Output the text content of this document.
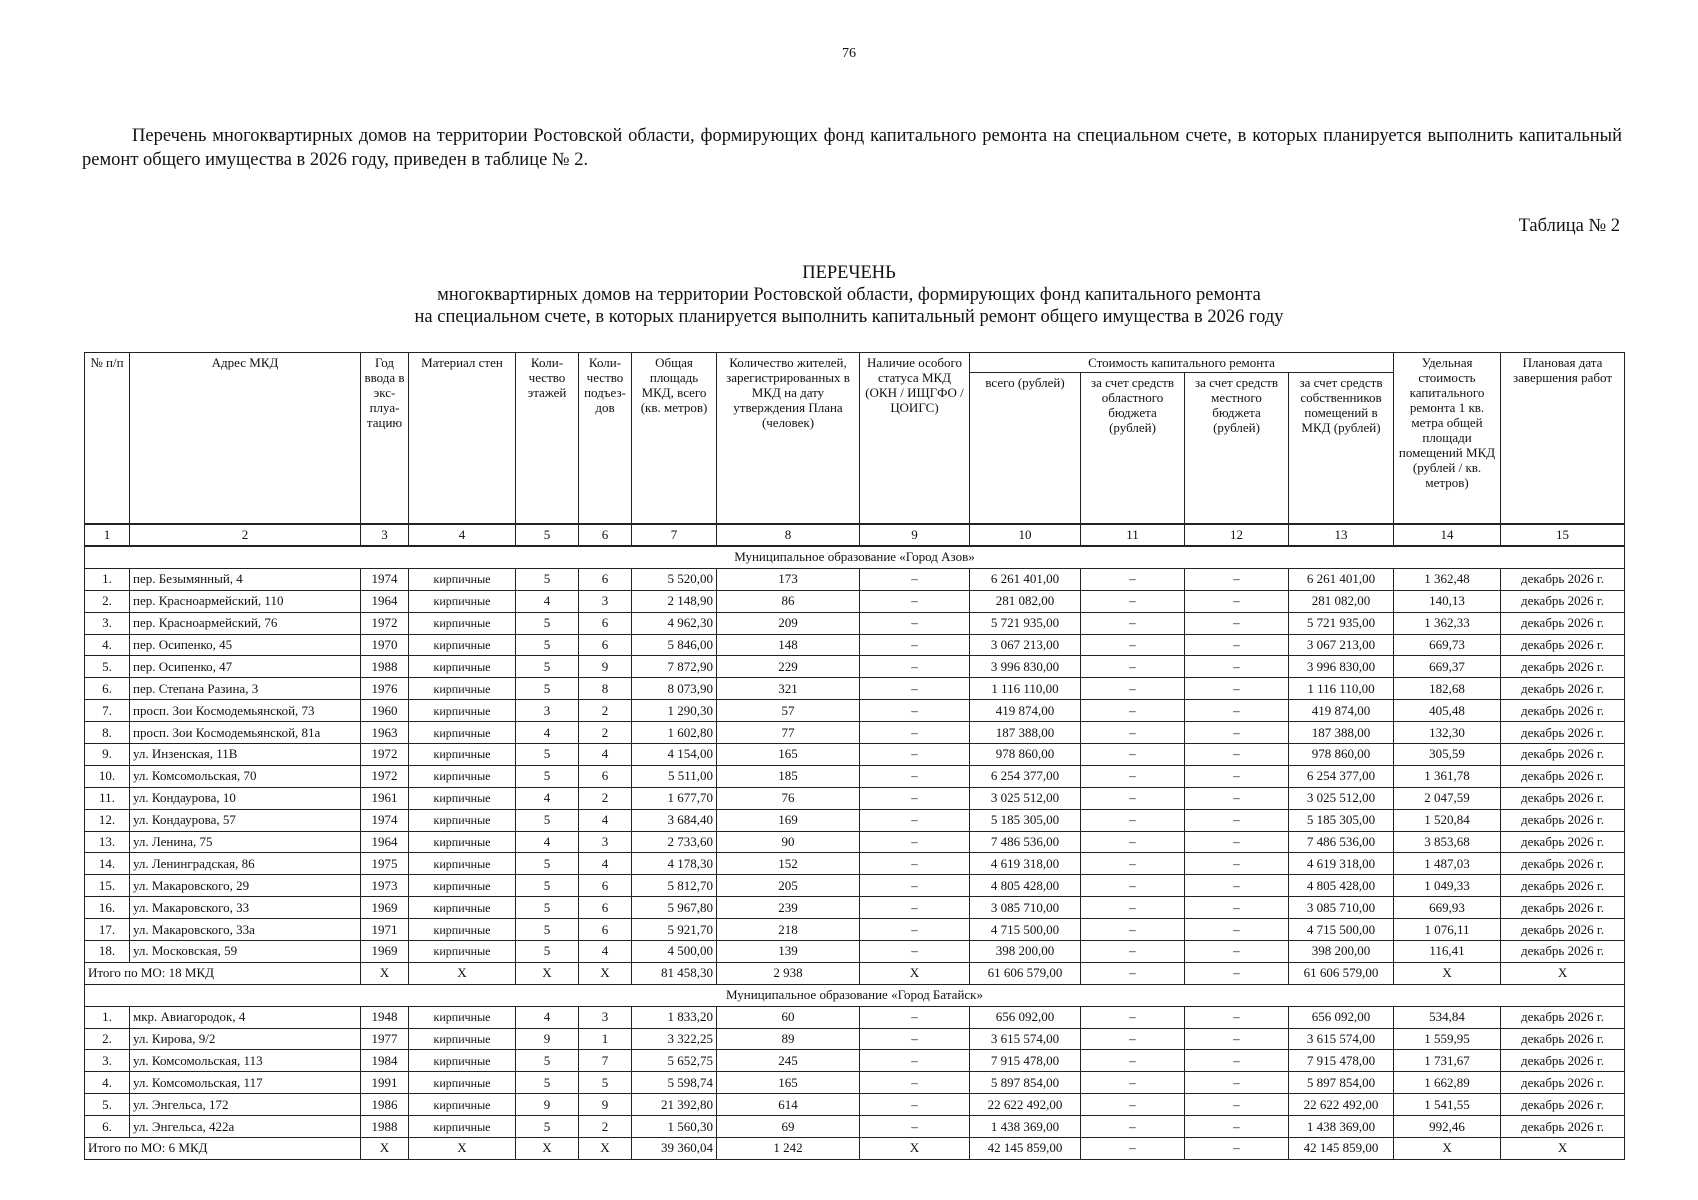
76
Перечень многоквартирных домов на территории Ростовской области, формирующих фонд капитального ремонта на специальном счете, в которых планируется выполнить капитальный ремонт общего имущества в 2026 году, приведен в таблице № 2.
Таблица № 2
ПЕРЕЧЕНЬ
многоквартирных домов на территории Ростовской области, формирующих фонд капитального ремонта
на специальном счете, в которых планируется выполнить капитальный ремонт общего имущества в 2026 году
№ п/п	Адрес МКД	Год ввода в экс-плуа-тацию	Материал стен	Коли-чество этажей	Коли-чество подъез-дов	Общая площадь МКД, всего (кв. метров)	Количество жителей, зарегистрированных в МКД на дату утверждения Плана (человек)	Наличие особого статуса МКД (ОКН / ИЩГФО / ЦОИГС)	Стоимость капитального ремонта				Удельная стоимость капитального ремонта 1 кв. метра общей площади помещений МКД (рублей / кв. метров)	Плановая дата завершения работ
									всего (рублей)	за счет средств областного бюджета (рублей)	за счет средств местного бюджета (рублей)	за счет средств собственников помещений в МКД (рублей)		
1	2	3	4	5	6	7	8	9	10	11	12	13	14	15
Муниципальное образование «Город Азов»														
1.	пер. Безымянный, 4	1974	кирпичные	5	6	5 520,00	173	–	6 261 401,00	–	–	6 261 401,00	1 362,48	декабрь 2026 г.
2.	пер. Красноармейский, 110	1964	кирпичные	4	3	2 148,90	86	–	281 082,00	–	–	281 082,00	140,13	декабрь 2026 г.
3.	пер. Красноармейский, 76	1972	кирпичные	5	6	4 962,30	209	–	5 721 935,00	–	–	5 721 935,00	1 362,33	декабрь 2026 г.
4.	пер. Осипенко, 45	1970	кирпичные	5	6	5 846,00	148	–	3 067 213,00	–	–	3 067 213,00	669,73	декабрь 2026 г.
5.	пер. Осипенко, 47	1988	кирпичные	5	9	7 872,90	229	–	3 996 830,00	–	–	3 996 830,00	669,37	декабрь 2026 г.
6.	пер. Степана Разина, 3	1976	кирпичные	5	8	8 073,90	321	–	1 116 110,00	–	–	1 116 110,00	182,68	декабрь 2026 г.
7.	просп. Зои Космодемьянской, 73	1960	кирпичные	3	2	1 290,30	57	–	419 874,00	–	–	419 874,00	405,48	декабрь 2026 г.
8.	просп. Зои Космодемьянской, 81а	1963	кирпичные	4	2	1 602,80	77	–	187 388,00	–	–	187 388,00	132,30	декабрь 2026 г.
9.	ул. Инзенская, 11В	1972	кирпичные	5	4	4 154,00	165	–	978 860,00	–	–	978 860,00	305,59	декабрь 2026 г.
10.	ул. Комсомольская, 70	1972	кирпичные	5	6	5 511,00	185	–	6 254 377,00	–	–	6 254 377,00	1 361,78	декабрь 2026 г.
11.	ул. Кондаурова, 10	1961	кирпичные	4	2	1 677,70	76	–	3 025 512,00	–	–	3 025 512,00	2 047,59	декабрь 2026 г.
12.	ул. Кондаурова, 57	1974	кирпичные	5	4	3 684,40	169	–	5 185 305,00	–	–	5 185 305,00	1 520,84	декабрь 2026 г.
13.	ул. Ленина, 75	1964	кирпичные	4	3	2 733,60	90	–	7 486 536,00	–	–	7 486 536,00	3 853,68	декабрь 2026 г.
14.	ул. Ленинградская, 86	1975	кирпичные	5	4	4 178,30	152	–	4 619 318,00	–	–	4 619 318,00	1 487,03	декабрь 2026 г.
15.	ул. Макаровского, 29	1973	кирпичные	5	6	5 812,70	205	–	4 805 428,00	–	–	4 805 428,00	1 049,33	декабрь 2026 г.
16.	ул. Макаровского, 33	1969	кирпичные	5	6	5 967,80	239	–	3 085 710,00	–	–	3 085 710,00	669,93	декабрь 2026 г.
17.	ул. Макаровского, 33а	1971	кирпичные	5	6	5 921,70	218	–	4 715 500,00	–	–	4 715 500,00	1 076,11	декабрь 2026 г.
18.	ул. Московская, 59	1969	кирпичные	5	4	4 500,00	139	–	398 200,00	–	–	398 200,00	116,41	декабрь 2026 г.
Итого по МО: 18 МКД		X	X	X	X	81 458,30	2 938	X	61 606 579,00	–	–	61 606 579,00	X	X
Муниципальное образование «Город Батайск»														
1.	мкр. Авиагородок, 4	1948	кирпичные	4	3	1 833,20	60	–	656 092,00	–	–	656 092,00	534,84	декабрь 2026 г.
2.	ул. Кирова, 9/2	1977	кирпичные	9	1	3 322,25	89	–	3 615 574,00	–	–	3 615 574,00	1 559,95	декабрь 2026 г.
3.	ул. Комсомольская, 113	1984	кирпичные	5	7	5 652,75	245	–	7 915 478,00	–	–	7 915 478,00	1 731,67	декабрь 2026 г.
4.	ул. Комсомольская, 117	1991	кирпичные	5	5	5 598,74	165	–	5 897 854,00	–	–	5 897 854,00	1 662,89	декабрь 2026 г.
5.	ул. Энгельса, 172	1986	кирпичные	9	9	21 392,80	614	–	22 622 492,00	–	–	22 622 492,00	1 541,55	декабрь 2026 г.
6.	ул. Энгельса, 422а	1988	кирпичные	5	2	1 560,30	69	–	1 438 369,00	–	–	1 438 369,00	992,46	декабрь 2026 г.
Итого по МО: 6 МКД		X	X	X	X	39 360,04	1 242	X	42 145 859,00	–	–	42 145 859,00	X	X
